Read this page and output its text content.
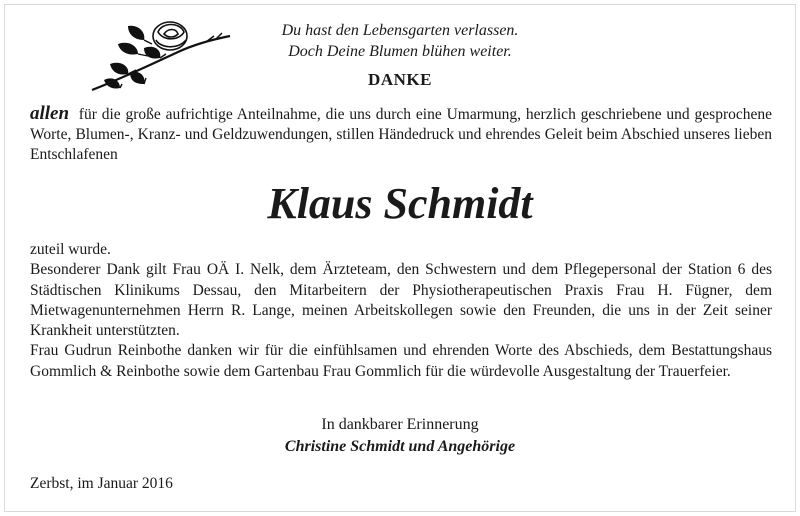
Du hast den Lebensgarten verlassen.
Doch Deine Blumen blühen weiter.
DANKE
allen für die große aufrichtige Anteilnahme, die uns durch eine Umarmung, herzlich geschriebene und gesprochene Worte, Blumen-, Kranz- und Geldzuwendungen, stillen Händedruck und ehrendes Geleit beim Abschied unseres lieben Entschlafenen
Klaus Schmidt

zuteil wurde.

Besonderer Dank gilt Frau OÄ I. Nelk, dem Ärzteteam, den Schwestern und dem Pflegepersonal der Station 6 des Städtischen Klinikums Dessau, den Mitarbeitern der Physiotherapeutischen Praxis Frau H. Fügner, dem Mietwagenunternehmen Herrn R. Lange, meinen Arbeitskollegen sowie den Freunden, die uns in der Zeit seiner Krankheit unterstützten.

Frau Gudrun Reinbothe danken wir für die einfühlsamen und ehrenden Worte des Abschieds, dem Bestattungshaus Gommlich & Reinbothe sowie dem Gartenbau Frau Gommlich für die würdevolle Ausgestaltung der Trauerfeier.

In dankbarer Erinnerung
Christine Schmidt und Angehörige
Zerbst, im Januar 2016
